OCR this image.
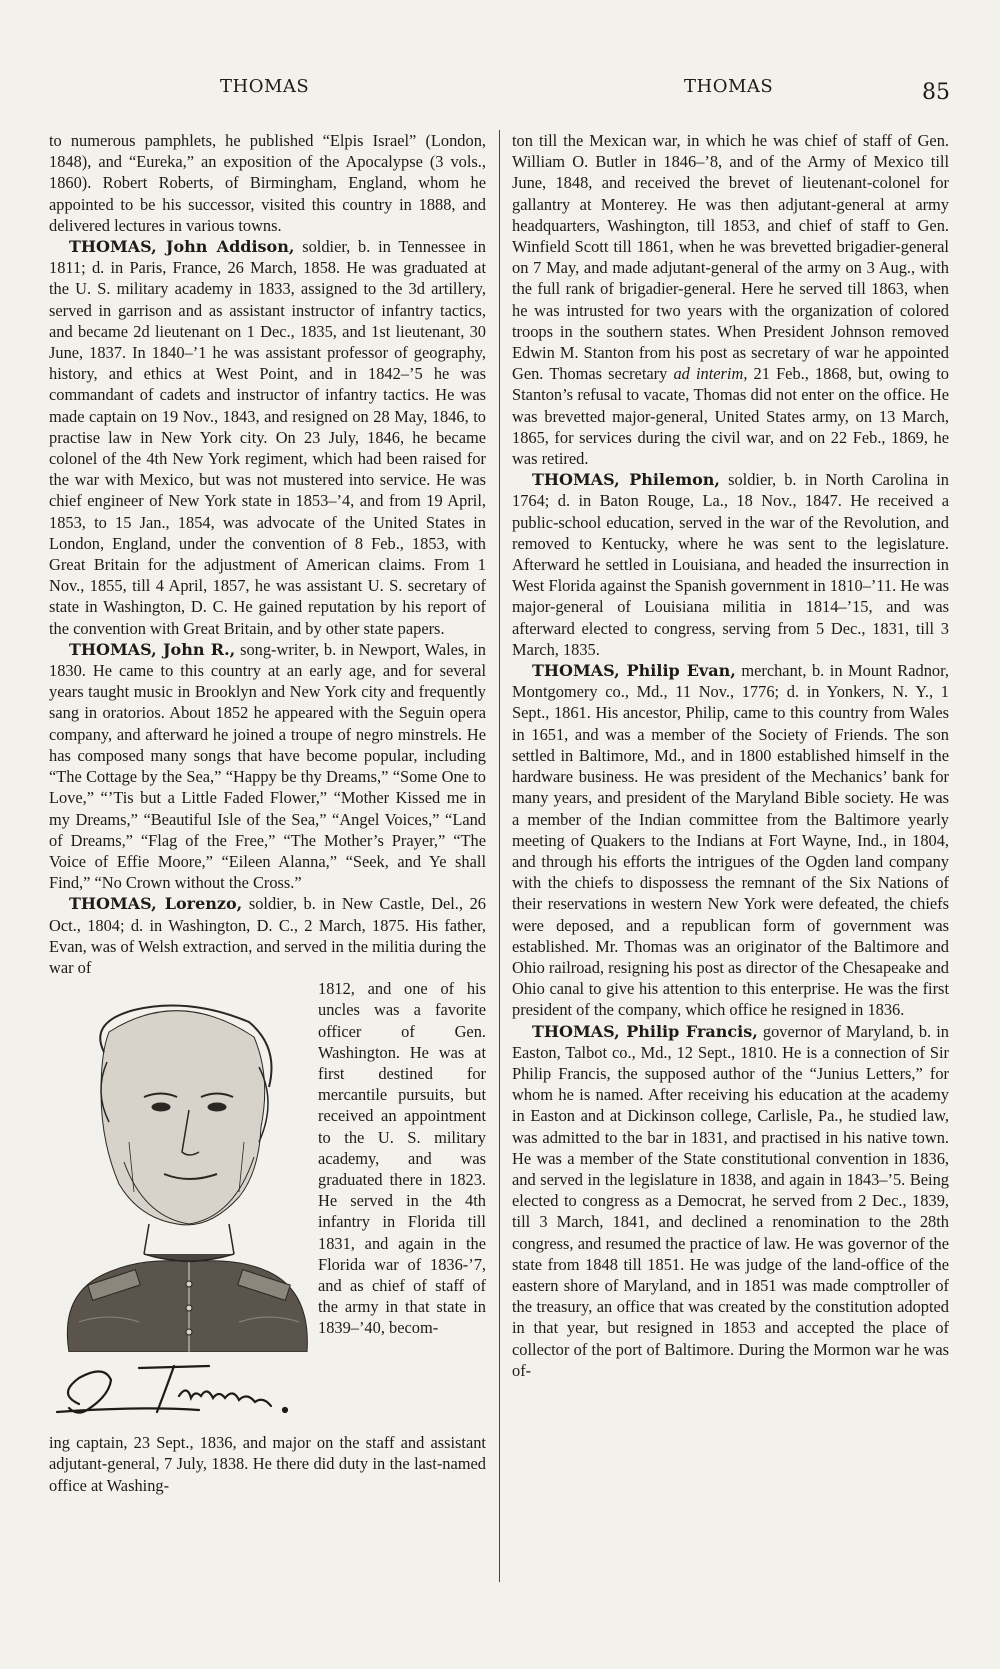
THOMAS	THOMAS	85

to numerous pamphlets, he published “Elpis Israel” (London, 1848), and “Eureka,” an exposition of the Apocalypse (3 vols., 1860). Robert Roberts, of Birmingham, England, whom he appointed to be his successor, visited this country in 1888, and delivered lectures in various towns.

THOMAS, John Addison, soldier, b. in Tennessee in 1811; d. in Paris, France, 26 March, 1858. He was graduated at the U. S. military academy in 1833, assigned to the 3d artillery, served in garrison and as assistant instructor of infantry tactics, and became 2d lieutenant on 1 Dec., 1835, and 1st lieutenant, 30 June, 1837. In 1840–’1 he was assistant professor of geography, history, and ethics at West Point, and in 1842–’5 he was commandant of cadets and instructor of infantry tactics. He was made captain on 19 Nov., 1843, and resigned on 28 May, 1846, to practise law in New York city. On 23 July, 1846, he became colonel of the 4th New York regiment, which had been raised for the war with Mexico, but was not mustered into service. He was chief engineer of New York state in 1853–’4, and from 19 April, 1853, to 15 Jan., 1854, was advocate of the United States in London, England, under the convention of 8 Feb., 1853, with Great Britain for the adjustment of American claims. From 1 Nov., 1855, till 4 April, 1857, he was assistant U. S. secretary of state in Washington, D. C. He gained reputation by his report of the convention with Great Britain, and by other state papers.

THOMAS, John R., song-writer, b. in Newport, Wales, in 1830. He came to this country at an early age, and for several years taught music in Brooklyn and New York city and frequently sang in oratorios. About 1852 he appeared with the Seguin opera company, and afterward he joined a troupe of negro minstrels. He has composed many songs that have become popular, including “The Cottage by the Sea,” “Happy be thy Dreams,” “Some One to Love,” “’Tis but a Little Faded Flower,” “Mother Kissed me in my Dreams,” “Beautiful Isle of the Sea,” “Angel Voices,” “Land of Dreams,” “Flag of the Free,” “The Mother’s Prayer,” “The Voice of Effie Moore,” “Eileen Alanna,” “Seek, and Ye shall Find,” “No Crown without the Cross.”

THOMAS, Lorenzo, soldier, b. in New Castle, Del., 26 Oct., 1804; d. in Washington, D. C., 2 March, 1875. His father, Evan, was of Welsh extraction, and served in the militia during the war of

1812, and one of his uncles was a favorite officer of Gen. Washington. He was at first destined for mercantile pursuits, but received an appointment to the U. S. military academy, and was graduated there in 1823. He served in the 4th infantry in Florida till 1831, and again in the Florida war of 1836-’7, and as chief of staff of the army in that state in 1839–’40, becom-

ing captain, 23 Sept., 1836, and major on the staff and assistant adjutant-general, 7 July, 1838. He there did duty in the last-named office at Washing-

ton till the Mexican war, in which he was chief of staff of Gen. William O. Butler in 1846–’8, and of the Army of Mexico till June, 1848, and received the brevet of lieutenant-colonel for gallantry at Monterey. He was then adjutant-general at army headquarters, Washington, till 1853, and chief of staff to Gen. Winfield Scott till 1861, when he was brevetted brigadier-general on 7 May, and made adjutant-general of the army on 3 Aug., with the full rank of brigadier-general. Here he served till 1863, when he was intrusted for two years with the organization of colored troops in the southern states. When President Johnson removed Edwin M. Stanton from his post as secretary of war he appointed Gen. Thomas secretary ad interim, 21 Feb., 1868, but, owing to Stanton’s refusal to vacate, Thomas did not enter on the office. He was brevetted major-general, United States army, on 13 March, 1865, for services during the civil war, and on 22 Feb., 1869, he was retired.

THOMAS, Philemon, soldier, b. in North Carolina in 1764; d. in Baton Rouge, La., 18 Nov., 1847. He received a public-school education, served in the war of the Revolution, and removed to Kentucky, where he was sent to the legislature. Afterward he settled in Louisiana, and headed the insurrection in West Florida against the Spanish government in 1810–’11. He was major-general of Louisiana militia in 1814–’15, and was afterward elected to congress, serving from 5 Dec., 1831, till 3 March, 1835.

THOMAS, Philip Evan, merchant, b. in Mount Radnor, Montgomery co., Md., 11 Nov., 1776; d. in Yonkers, N. Y., 1 Sept., 1861. His ancestor, Philip, came to this country from Wales in 1651, and was a member of the Society of Friends. The son settled in Baltimore, Md., and in 1800 established himself in the hardware business. He was president of the Mechanics’ bank for many years, and president of the Maryland Bible society. He was a member of the Indian committee from the Baltimore yearly meeting of Quakers to the Indians at Fort Wayne, Ind., in 1804, and through his efforts the intrigues of the Ogden land company with the chiefs to dispossess the remnant of the Six Nations of their reservations in western New York were defeated, the chiefs were deposed, and a republican form of government was established. Mr. Thomas was an originator of the Baltimore and Ohio railroad, resigning his post as director of the Chesapeake and Ohio canal to give his attention to this enterprise. He was the first president of the company, which office he resigned in 1836.

THOMAS, Philip Francis, governor of Maryland, b. in Easton, Talbot co., Md., 12 Sept., 1810. He is a connection of Sir Philip Francis, the supposed author of the “Junius Letters,” for whom he is named. After receiving his education at the academy in Easton and at Dickinson college, Carlisle, Pa., he studied law, was admitted to the bar in 1831, and practised in his native town. He was a member of the State constitutional convention in 1836, and served in the legislature in 1838, and again in 1843–’5. Being elected to congress as a Democrat, he served from 2 Dec., 1839, till 3 March, 1841, and declined a renomination to the 28th congress, and resumed the practice of law. He was governor of the state from 1848 till 1851. He was judge of the land-office of the eastern shore of Maryland, and in 1851 was made comptroller of the treasury, an office that was created by the constitution adopted in that year, but resigned in 1853 and accepted the place of collector of the port of Baltimore. During the Mormon war he was of-
